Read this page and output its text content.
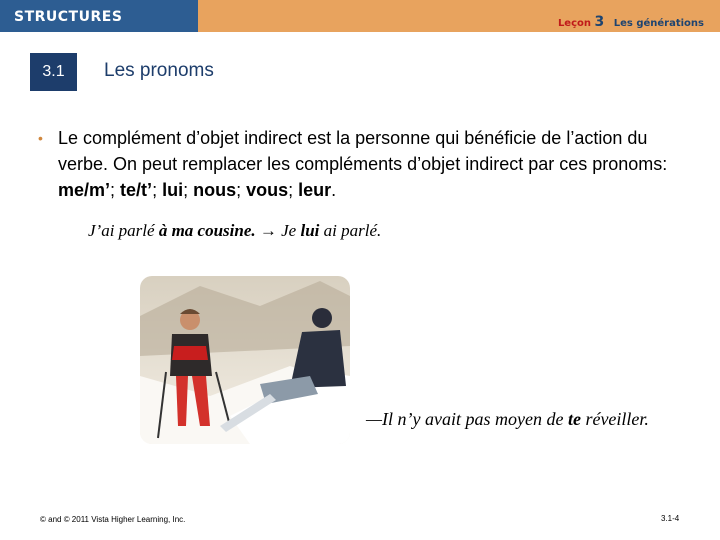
STRUCTURES	Leçon 3 Les générations
3.1 Les pronoms
• Le complément d’objet indirect est la personne qui bénéficie de l’action du verbe. On peut remplacer les compléments d’objet indirect par ces pronoms: me/m’; te/t’; lui; nous; vous; leur.
J’ai parlé à ma cousine. → Je lui ai parlé.
—Il n’y avait pas moyen de te réveiller.
© and © 2011 Vista Higher Learning, Inc.	3.1-4
